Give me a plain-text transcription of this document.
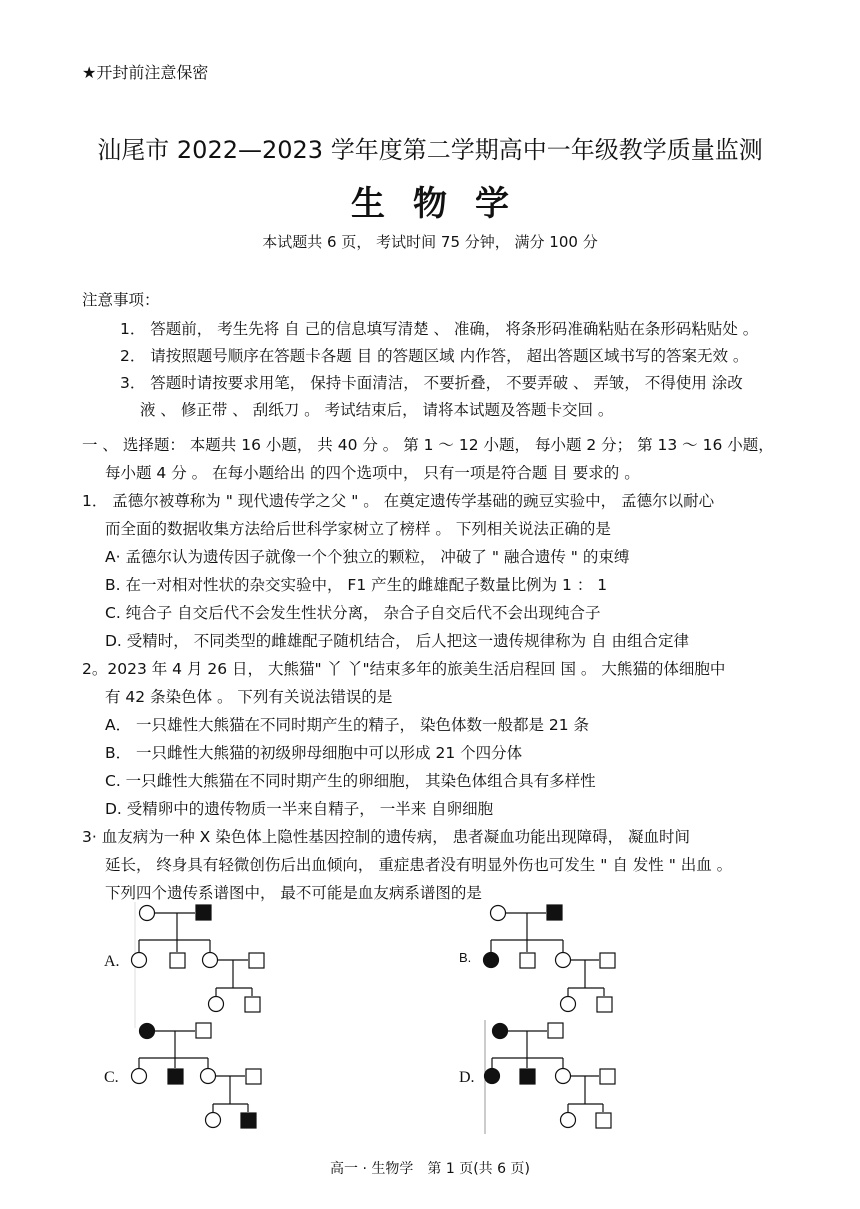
★开封前注意保密
汕尾市 2022—2023 学年度第二学期高中一年级教学质量监测
生物学
本试题共 6 页， 考试时间 75 分钟， 满分 100 分
注意事项：
1． 答题前， 考生先将 自 己的信息填写清楚 、 准确， 将条形码准确粘贴在条形码粘贴处 。
2． 请按照题号顺序在答题卡各题 目 的答题区域 内作答， 超出答题区域书写的答案无效 。
3． 答题时请按要求用笔， 保持卡面清洁， 不要折叠， 不要弄破 、 弄皱， 不得使用 涂改
液 、 修正带 、 刮纸刀 。 考试结束后， 请将本试题及答题卡交回 。
一 、 选择题： 本题共 16 小题， 共 40 分 。 第 1 ～ 12 小题， 每小题 2 分； 第 13 ～ 16 小题，
每小题 4 分 。 在每小题给出 的四个选项中， 只有一项是符合题 目 要求的 。
1． 孟德尔被尊称为 " 现代遗传学之父 " 。 在奠定遗传学基础的豌豆实验中， 孟德尔以耐心
而全面的数据收集方法给后世科学家树立了榜样 。 下列相关说法正确的是
A· 孟德尔认为遗传因子就像一个个独立的颗粒， 冲破了 " 融合遗传 " 的束缚
B. 在一对相对性状的杂交实验中， F1 产生的雌雄配子数量比例为 1 ： 1
C. 纯合子 自交后代不会发生性状分离， 杂合子自交后代不会出现纯合子
D. 受精时， 不同类型的雌雄配子随机结合， 后人把这一遗传规律称为 自 由组合定律
2。2023 年 4 月 26 日， 大熊猫" 丫 丫"结束多年的旅美生活启程回 国 。 大熊猫的体细胞中
有 42 条染色体 。 下列有关说法错误的是
A． 一只雄性大熊猫在不同时期产生的精子， 染色体数一般都是 21 条
B． 一只雌性大熊猫的初级卵母细胞中可以形成 21 个四分体
C. 一只雌性大熊猫在不同时期产生的卵细胞， 其染色体组合具有多样性
D. 受精卵中的遗传物质一半来自精子， 一半来 自卵细胞
3· 血友病为一种 X 染色体上隐性基因控制的遗传病， 患者凝血功能出现障碍， 凝血时间
延长， 终身具有轻微创伤后出血倾向， 重症患者没有明显外伤也可发生 " 自 发性 " 出血 。
下列四个遗传系谱图中， 最不可能是血友病系谱图的是
A.	B.
C.	D.
高一 · 生物学　第 1 页(共 6 页)
